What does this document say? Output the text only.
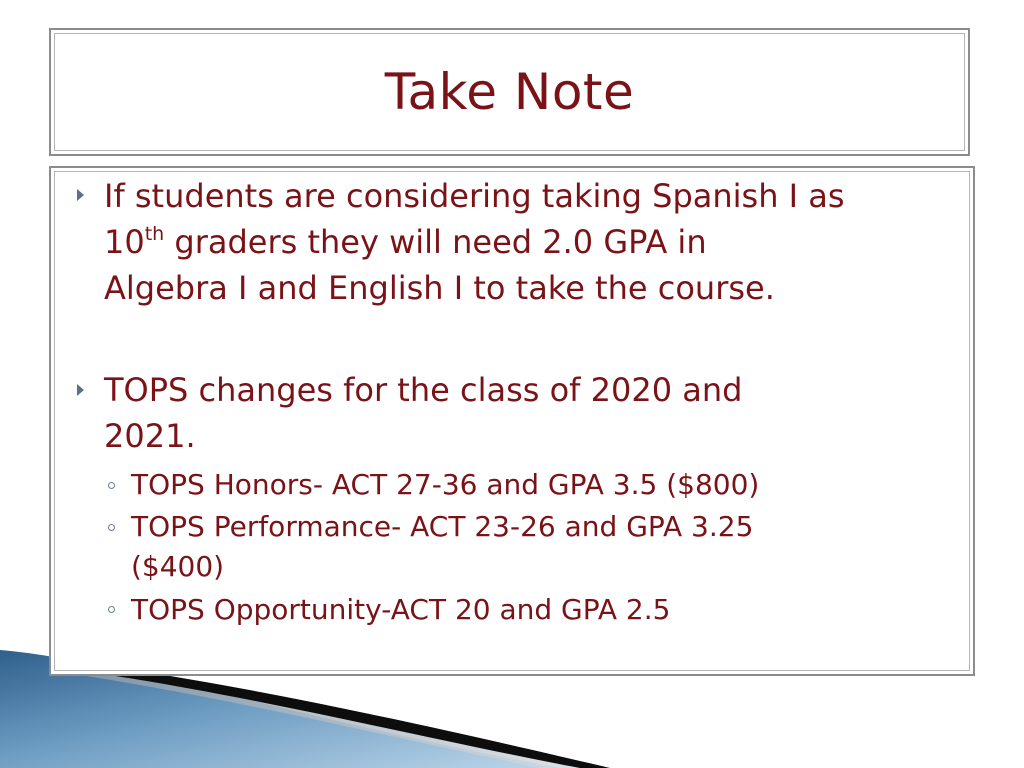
Take Note
If students are considering taking Spanish I as
10th graders they will need 2.0 GPA in
Algebra I and English I to take the course.
TOPS changes for the class of 2020 and
2021.
TOPS Honors- ACT 27-36 and GPA 3.5 ($800)
TOPS Performance- ACT 23-26 and GPA 3.25
($400)
TOPS Opportunity-ACT 20 and GPA 2.5
